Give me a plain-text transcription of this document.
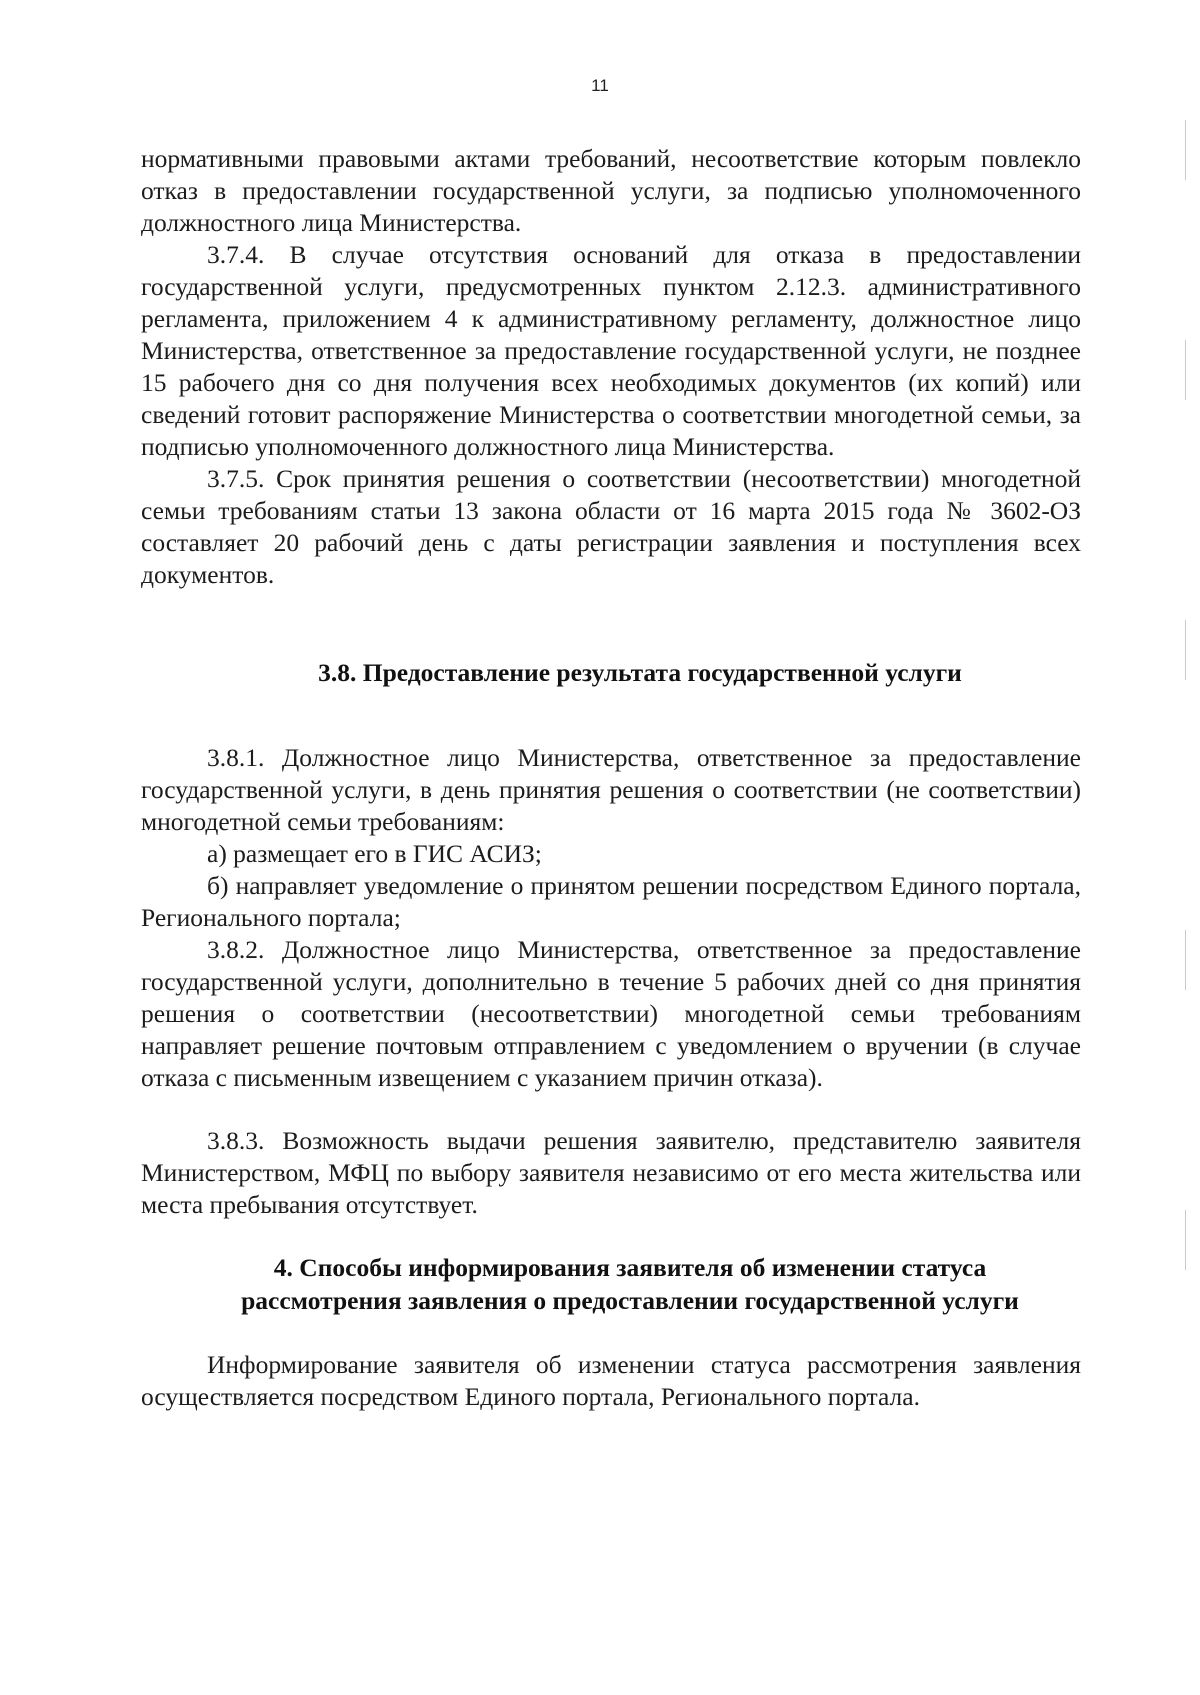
11

нормативными правовыми актами требований, несоответствие которым повлекло отказ в предоставлении государственной услуги, за подписью уполномоченного должностного лица Министерства.

3.7.4. В случае отсутствия оснований для отказа в предоставлении государственной услуги, предусмотренных пунктом 2.12.3. административного регламента, приложением 4 к административному регламенту, должностное лицо Министерства, ответственное за предоставление государственной услуги, не позднее 15 рабочего дня со дня получения всех необходимых документов (их копий) или сведений готовит распоряжение Министерства о соответствии многодетной семьи, за подписью уполномоченного должностного лица Министерства.

3.7.5. Срок принятия решения о соответствии (несоответствии) многодетной семьи требованиям статьи 13 закона области от 16 марта 2015 года № 3602-ОЗ составляет 20 рабочий день с даты регистрации заявления и поступления всех документов.

3.8. Предоставление результата государственной услуги

3.8.1. Должностное лицо Министерства, ответственное за предоставление государственной услуги, в день принятия решения о соответствии (не соответствии) многодетной семьи требованиям:

а) размещает его в ГИС АСИЗ;

б) направляет уведомление о принятом решении посредством Единого портала, Регионального портала;

3.8.2. Должностное лицо Министерства, ответственное за предоставление государственной услуги, дополнительно в течение 5 рабочих дней со дня принятия решения о соответствии (несоответствии) многодетной семьи требованиям направляет решение почтовым отправлением с уведомлением о вручении (в случае отказа с письменным извещением с указанием причин отказа).

3.8.3. Возможность выдачи решения заявителю, представителю заявителя Министерством, МФЦ по выбору заявителя независимо от его места жительства или места пребывания отсутствует.

4. Способы информирования заявителя об изменении статуса
рассмотрения заявления о предоставлении государственной услуги

Информирование заявителя об изменении статуса рассмотрения заявления осуществляется посредством Единого портала, Регионального портала.
